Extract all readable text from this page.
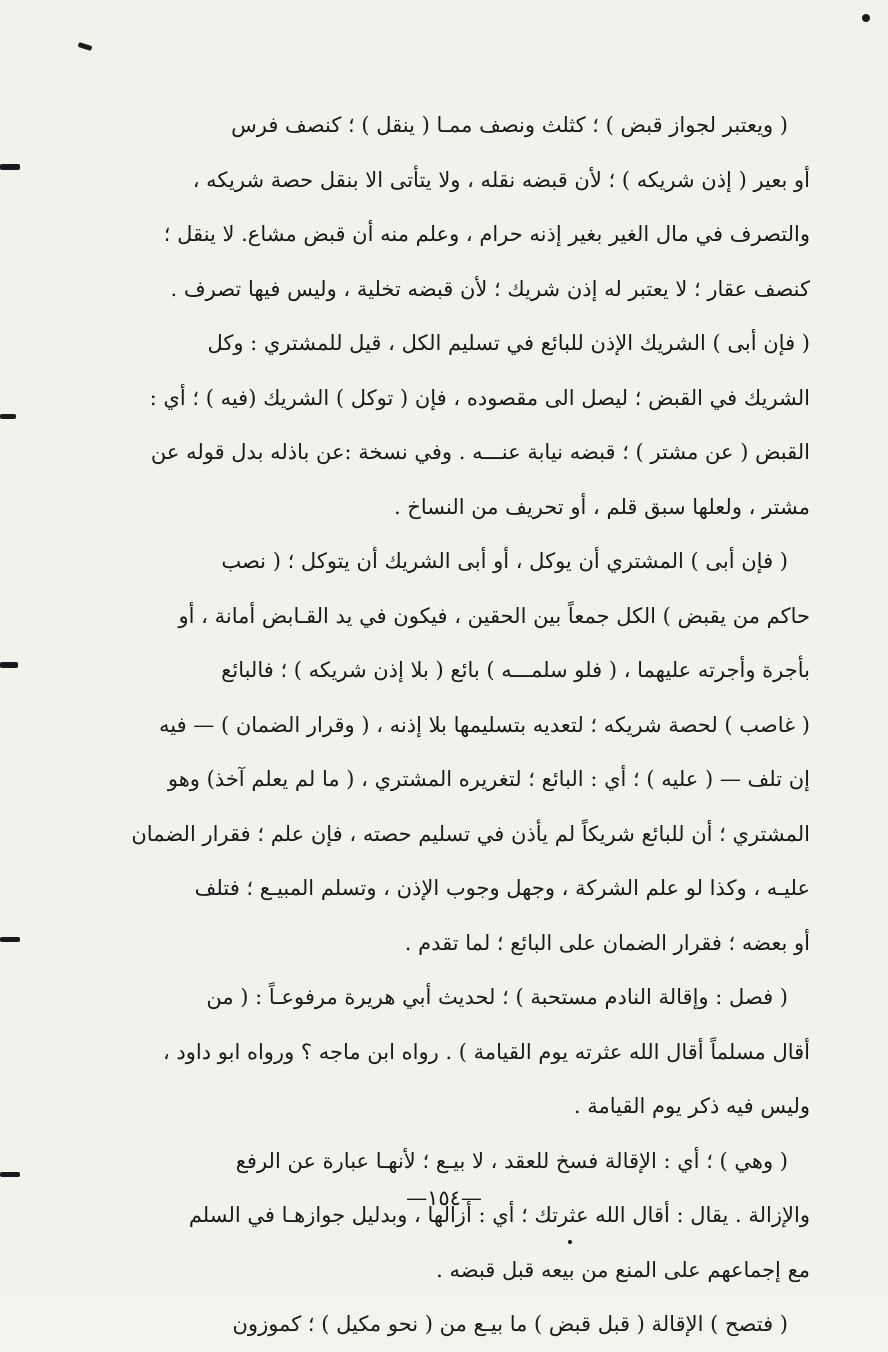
( ويعتبر لجواز قبض ) ؛ كثلث ونصف ممـا ( ينقل ) ؛ كنصف فرس
أو بعير ( إذن شريكه ) ؛ لأن قبضه نقله ، ولا يتأتى الا بنقل حصة شريكه ،
والتصرف في مال الغير بغير إذنه حرام ، وعلم منه أن قبض مشاع. لا ينقل ؛
كنصف عقار ؛ لا يعتبر له إذن شريك ؛ لأن قبضه تخلية ، وليس فيها تصرف .
( فإن أبى ) الشريك الإذن للبائع في تسليم الكل ، قيل للمشتري : وكل
الشريك في القبض ؛ ليصل الى مقصوده ، فإن ( توكل ) الشريك (فيه ) ؛ أي :
القبض ( عن مشتر ) ؛ قبضه نيابة عنـــه . وفي نسخة :عن باذله بدل قوله عن
مشتر ، ولعلها سبق قلم ، أو تحريف من النساخ .
( فإن أبى ) المشتري أن يوكل ، أو أبى الشريك أن يتوكل ؛ ( نصب
حاكم من يقبض ) الكل جمعاً بين الحقين ، فيكون في يد القـابض أمانة ، أو
بأجرة وأجرته عليهما ، ( فلو سلمـــه ) بائع ( بلا إذن شريكه ) ؛ فالبائع
( غاصب ) لحصة شريكه ؛ لتعديه بتسليمها بلا إذنه ، ( وقرار الضمان ) — فيه
إن تلف — ( عليه ) ؛ أي : البائع ؛ لتغريره المشتري ، ( ما لم يعلم آخذ) وهو
المشتري ؛ أن للبائع شريكاً لم يأذن في تسليم حصته ، فإن علم ؛ فقرار الضمان
عليـه ، وكذا لو علم الشركة ، وجهل وجوب الإذن ، وتسلم المبيـع ؛ فتلف
أو بعضه ؛ فقرار الضمان على البائع ؛ لما تقدم .
( فصل : وإقالة النادم مستحبة ) ؛ لحديث أبي هريرة مرفوعـاً : ( من
أقال مسلماً أقال الله عثرته يوم القيامة ) . رواه ابن ماجه ؟ ورواه ابو داود ،
وليس فيه ذكر يوم القيامة .
( وهي ) ؛ أي : الإقالة فسخ للعقد ، لا بيـع ؛ لأنهـا عبارة عن الرفع
والإزالة . يقال : أقال الله عثرتك ؛ أي : أزالها ، وبدليل جوازهـا في السلم
مع إجماعهم على المنع من بيعه قبل قبضه .
( فتصح ) الإقالة ( قبل قبض ) ما بيـع من ( نحو مكيل ) ؛ كموزون
—١٥٤—
